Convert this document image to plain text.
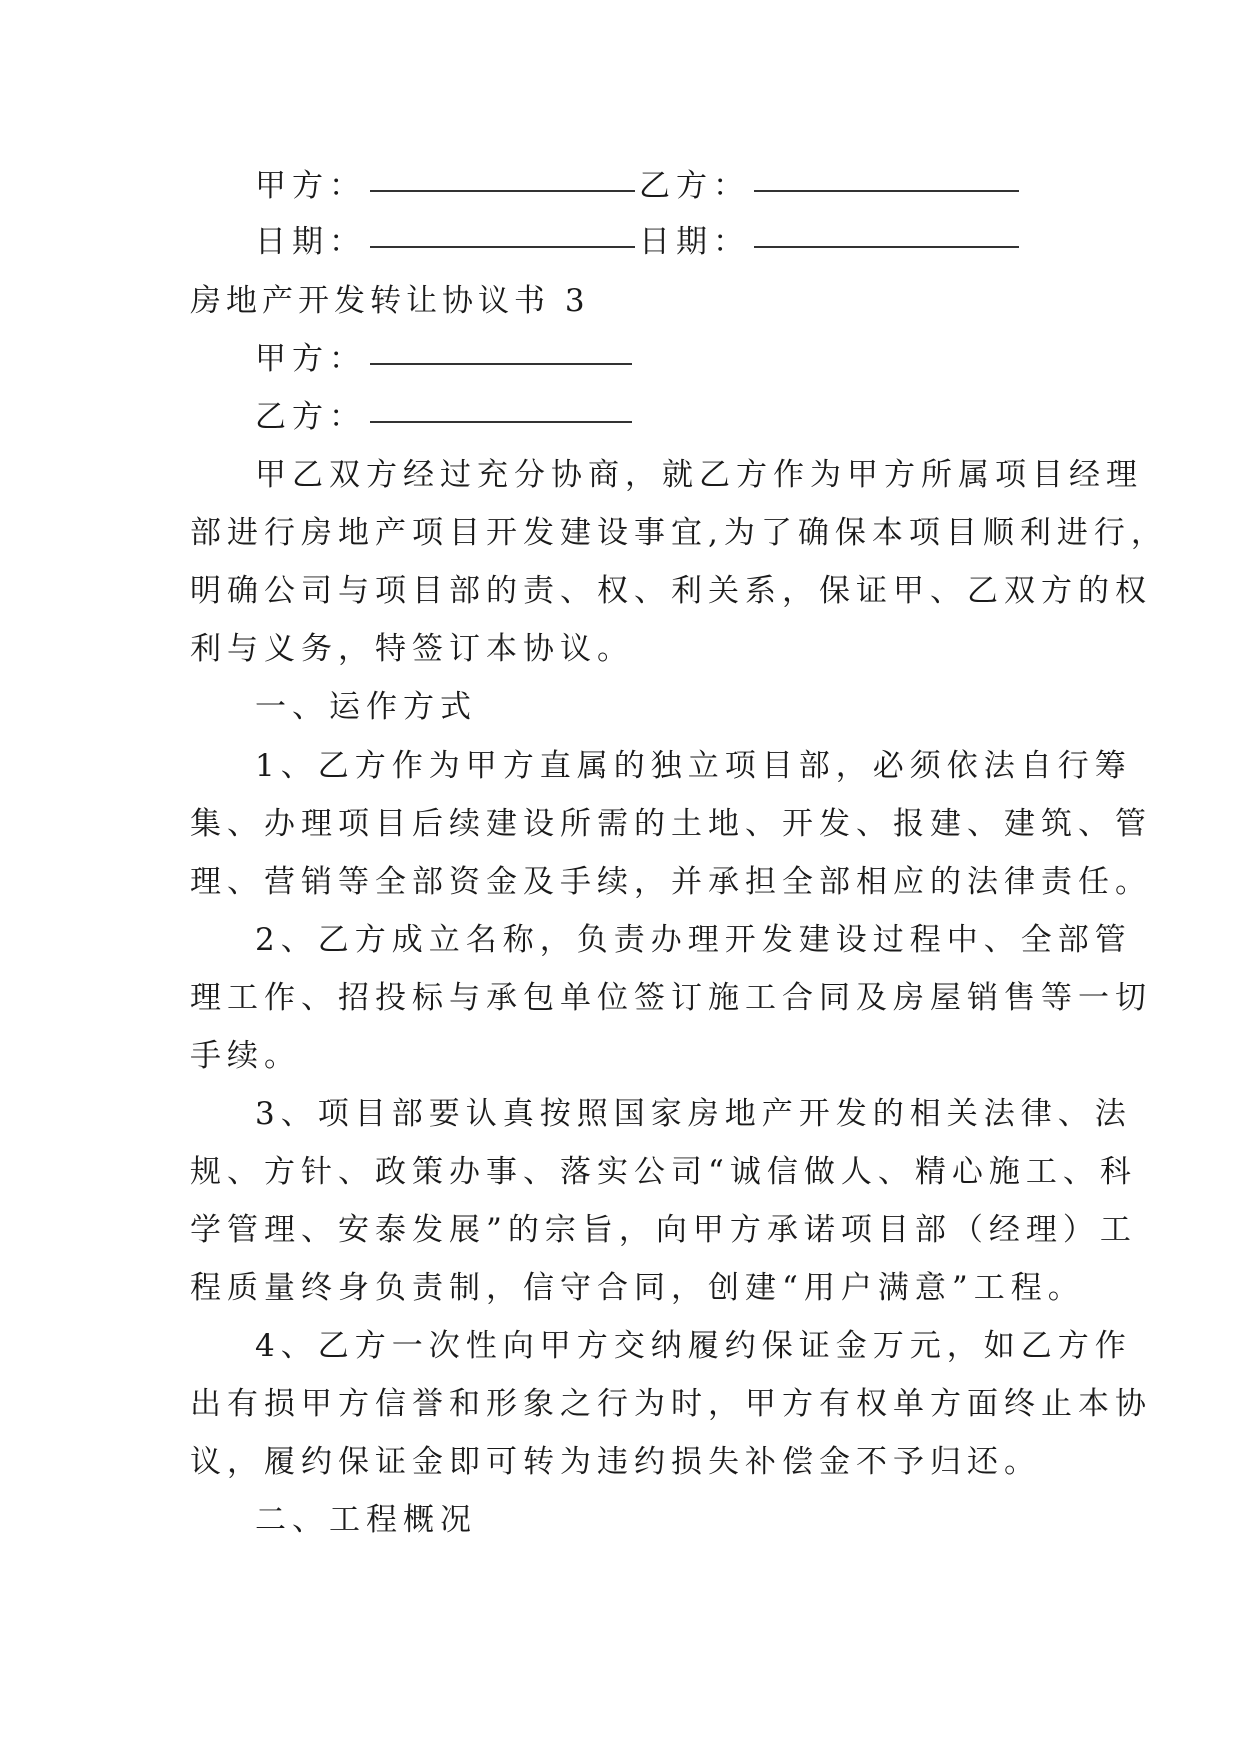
甲方：	乙方：
日期：	日期：
房地产开发转让协议书 3
甲方：
乙方：
甲乙双方经过充分协商，就乙方作为甲方所属项目经理
部进行房地产项目开发建设事宜,为了确保本项目顺利进行，
明确公司与项目部的责、权、利关系，保证甲、乙双方的权
利与义务，特签订本协议。
一、运作方式
1、乙方作为甲方直属的独立项目部，必须依法自行筹
集、办理项目后续建设所需的土地、开发、报建、建筑、管
理、营销等全部资金及手续，并承担全部相应的法律责任。
2、乙方成立名称，负责办理开发建设过程中、全部管
理工作、招投标与承包单位签订施工合同及房屋销售等一切
手续。
3、项目部要认真按照国家房地产开发的相关法律、法
规、方针、政策办事、落实公司“诚信做人、精心施工、科
学管理、安泰发展”的宗旨，向甲方承诺项目部（经理）工
程质量终身负责制，信守合同，创建“用户满意”工程。
4、乙方一次性向甲方交纳履约保证金万元，如乙方作
出有损甲方信誉和形象之行为时，甲方有权单方面终止本协
议，履约保证金即可转为违约损失补偿金不予归还。
二、工程概况
